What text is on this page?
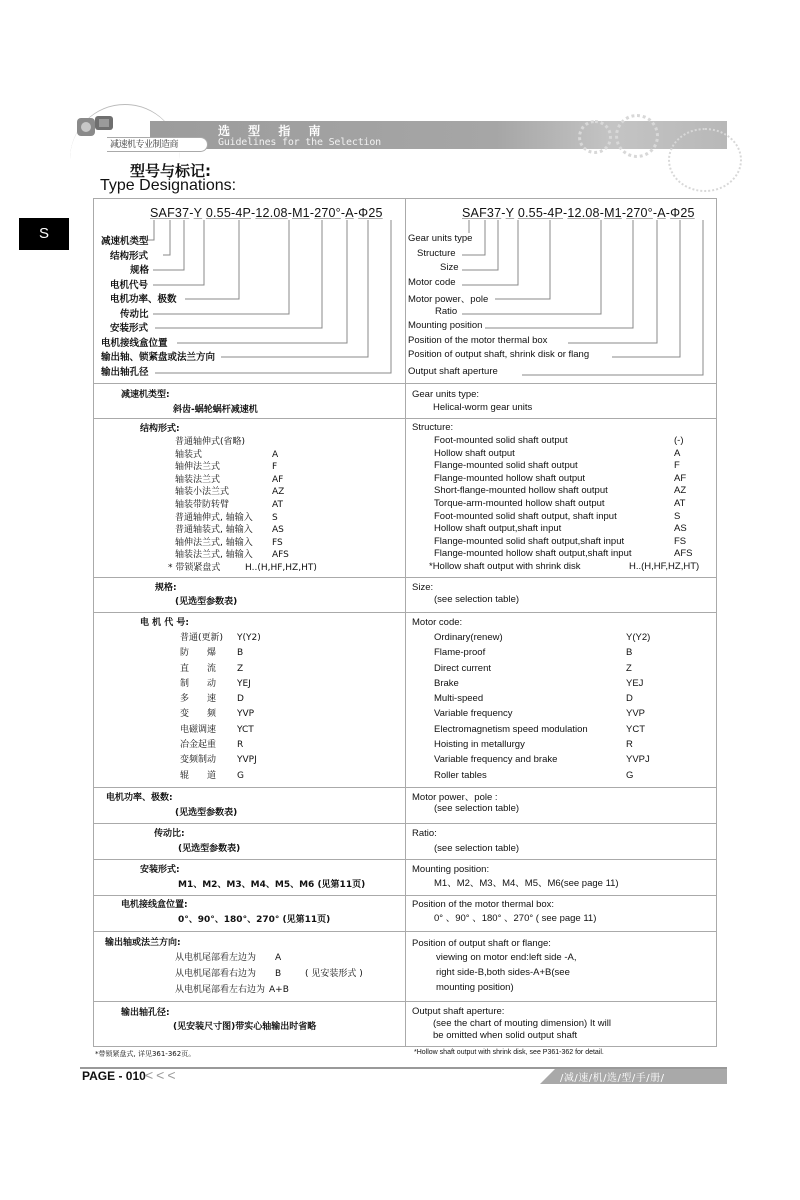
减速机专业制造商
选 型 指 南
Guidelines for the Selection
型号与标记:
Type Designations:
S
SAF37-Y 0.55-4P-12.08-M1-270°-A-Φ25
减速机类型
结构形式
规格
电机代号
电机功率、极数
传动比
安装形式
电机接线盒位置
输出轴、锁紧盘或法兰方向
输出轴孔径
SAF37-Y 0.55-4P-12.08-M1-270°-A-Φ25
Gear units type
Structure
Size
Motor code
Motor power、pole
Ratio
Mounting position
Position of the motor thermal box
Position of output shaft, shrink disk or flang
Output shaft aperture
减速机类型:
斜齿-蜗轮蜗杆减速机
Gear units type:
Helical-worm gear units
结构形式:
普通轴伸式(省略)
轴装式	A
轴伸法兰式	F
轴装法兰式	AF
轴装小法兰式	AZ
轴装带防转臂	AT
普通轴伸式, 轴输入 S
普通轴装式, 轴输入 AS
轴伸法兰式, 轴输入 FS
轴装法兰式, 轴输入 AFS
* 带锁紧盘式	H..(H,HF,HZ,HT)
Structure:
Foot-mounted solid shaft output	(-)
Hollow shaft output	A
Flange-mounted solid shaft output	F
Flange-mounted hollow shaft output	AF
Short-flange-mounted hollow shaft output	AZ
Torque-arm-mounted hollow shaft output	AT
Foot-mounted solid shaft output, shaft input	S
Hollow shaft output,shaft input	AS
Flange-mounted solid shaft output,shaft input	FS
Flange-mounted hollow shaft output,shaft input	AFS
*Hollow shaft output with shrink disk	H..(H,HF,HZ,HT)
规格:
(见选型参数表)
Size:
(see selection table)
电 机 代 号:
普通(更新) Y(Y2)
防　　爆 B
直　　流 Z
制　　动 YEJ
多　　速 D
变　　频 YVP
电磁调速 YCT
冶金起重 R
变频制动 YVPJ
辊　　道 G
Motor code:
Ordinary(renew)	Y(Y2)
Flame-proof	B
Direct current	Z
Brake	YEJ
Multi-speed	D
Variable frequency	YVP
Electromagnetism speed modulation	YCT
Hoisting in metallurgy	R
Variable frequency and brake	YVPJ
Roller tables	G
电机功率、极数:
(见选型参数表)
Motor power、pole :
(see selection table)
传动比:
(见选型参数表)
Ratio:
(see selection table)
安装形式:
M1、M2、M3、M4、M5、M6 (见第11页)
Mounting position:
M1、M2、M3、M4、M5、M6(see page 11)
电机接线盒位置:
0°、90°、180°、270° (见第11页)
Position of the motor thermal box:
0° 、90° 、180° 、270° ( see page 11)
输出轴或法兰方向:
从电机尾部看左边为 A
从电机尾部看右边为 B	( 见安装形式 )
从电机尾部看左右边为 A+B
Position of output shaft or flange:
viewing on motor end:left side -A,
right side-B,both sides-A+B(see
mounting position)
输出轴孔径:
(见安装尺寸图)带实心轴输出时省略
Output shaft aperture:
(see the chart of mouting dimension) It will
be omitted when solid output shaft
*带锁紧盘式, 详见361-362页。	*Hollow shaft output with shrink disk, see P361-362 for detail.
PAGE - 010 <<<	/减/速/机/选/型/手/册/
